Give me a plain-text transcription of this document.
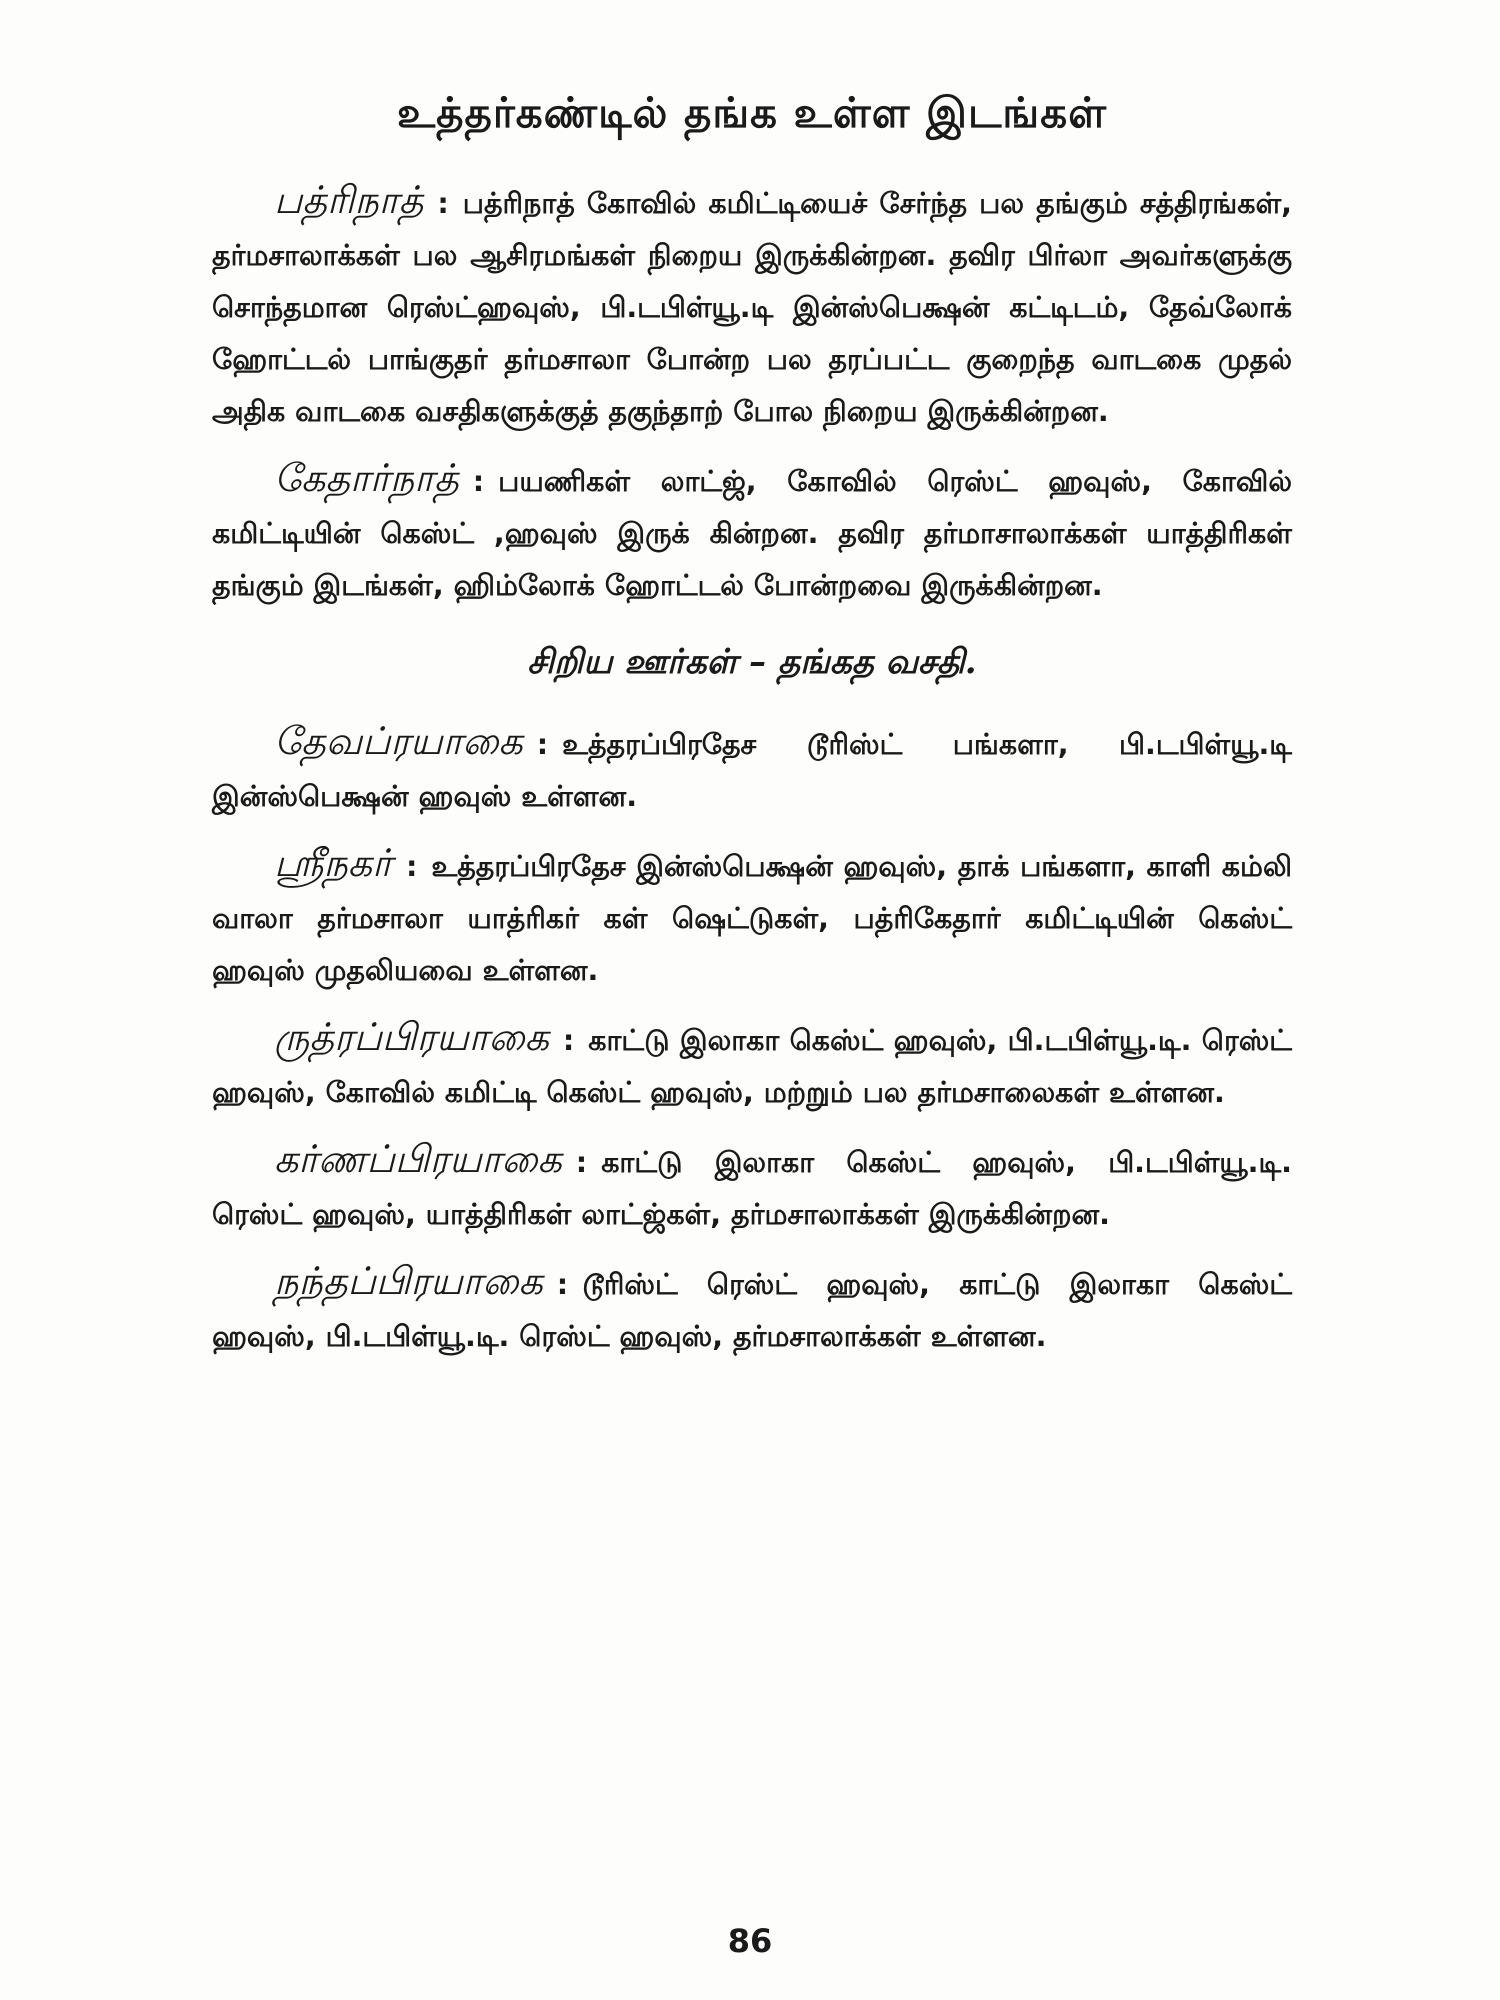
உத்தர்கண்டில் தங்க உள்ள இடங்கள்

பத்ரிநாத் : பத்ரிநாத் கோவில் கமிட்டியைச் சேர்ந்த பல தங்கும் சத்திரங்கள், தர்மசாலாக்கள் பல ஆசிரமங்கள் நிறைய இருக்கின்றன. தவிர பிர்லா அவர்களுக்கு சொந்தமான ரெஸ்ட்ஹவுஸ், பி.டபிள்யூ.டி இன்ஸ்பெக்ஷன் கட்டிடம், தேவ்லோக் ஹோட்டல் பாங்குதர் தர்மசாலா போன்ற பல தரப்பட்ட குறைந்த வாடகை முதல் அதிக வாடகை வசதிகளுக்குத் தகுந்தாற் போல நிறைய இருக்கின்றன.

கேதார்நாத் : பயணிகள் லாட்ஜ், கோவில் ரெஸ்ட் ஹவுஸ், கோவில் கமிட்டியின் கெஸ்ட் ,ஹவுஸ் இருக் கின்றன. தவிர தர்மாசாலாக்கள் யாத்திரிகள் தங்கும் இடங்கள், ஹிம்லோக் ஹோட்டல் போன்றவை இருக்கின்றன.

சிறிய ஊர்கள் – தங்கத வசதி.

தேவப்ரயாகை : உத்தரப்பிரதேச டூரிஸ்ட் பங்களா, பி.டபிள்யூ.டி இன்ஸ்பெக்ஷன் ஹவுஸ் உள்ளன.

ஸ்ரீநகர் : உத்தரப்பிரதேச இன்ஸ்பெக்ஷன் ஹவுஸ், தாக் பங்களா, காளி கம்லி வாலா தர்மசாலா யாத்ரிகர் கள் ஷெட்டுகள், பத்ரிகேதார் கமிட்டியின் கெஸ்ட் ஹவுஸ் முதலியவை உள்ளன.

ருத்ரப்பிரயாகை : காட்டு இலாகா கெஸ்ட் ஹவுஸ், பி.டபிள்யூ.டி. ரெஸ்ட் ஹவுஸ், கோவில் கமிட்டி கெஸ்ட் ஹவுஸ், மற்றும் பல தர்மசாலைகள் உள்ளன.

கர்ணப்பிரயாகை : காட்டு இலாகா கெஸ்ட் ஹவுஸ், பி.டபிள்யூ.டி. ரெஸ்ட் ஹவுஸ், யாத்திரிகள் லாட்ஜ்கள், தர்மசாலாக்கள் இருக்கின்றன.

நந்தப்பிரயாகை : டூரிஸ்ட் ரெஸ்ட் ஹவுஸ், காட்டு இலாகா கெஸ்ட் ஹவுஸ், பி.டபிள்யூ.டி. ரெஸ்ட் ஹவுஸ், தர்மசாலாக்கள் உள்ளன.

86
